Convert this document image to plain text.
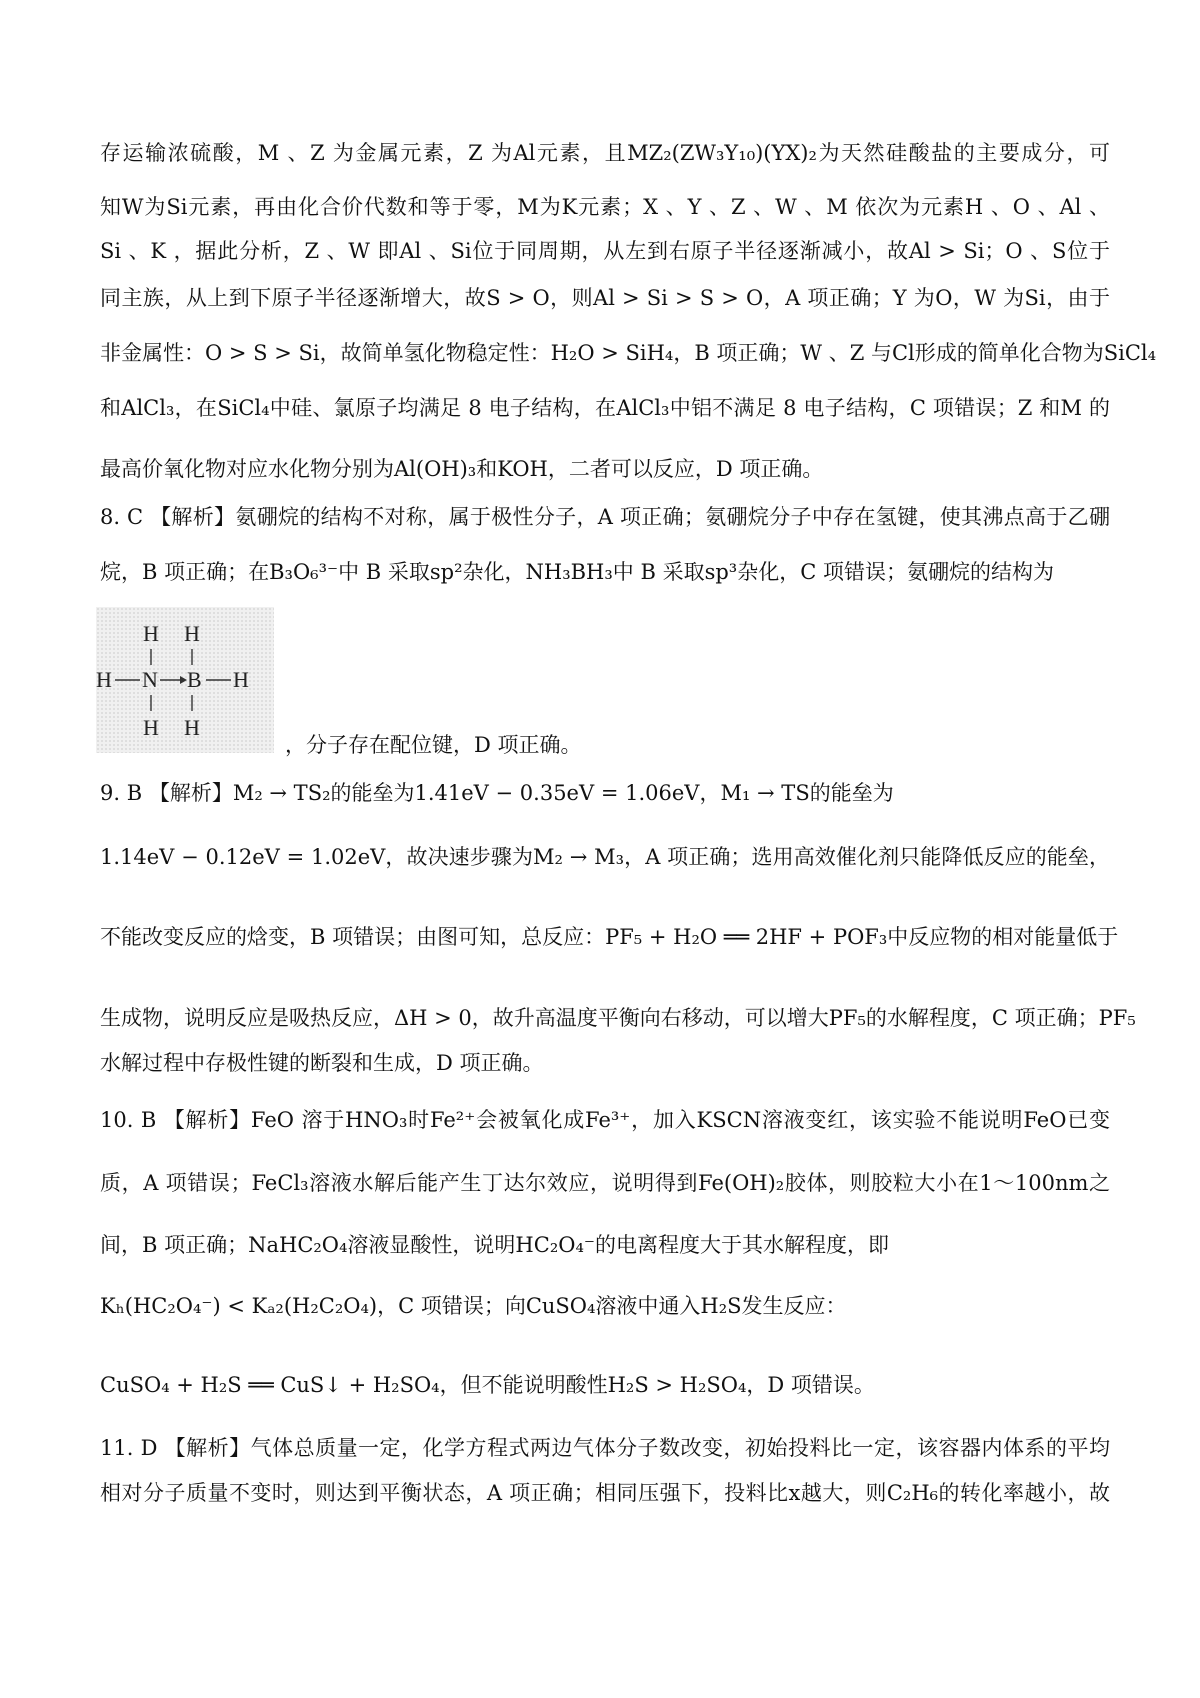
存运输浓硫酸，M 、Z 为金属元素，Z 为Al元素，且MZ₂(ZW₃Y₁₀)(YX)₂为天然硅酸盐的主要成分，可
知W为Si元素，再由化合价代数和等于零，M为K元素；X 、Y 、Z 、W 、M 依次为元素H 、O 、Al 、
Si 、K ，据此分析，Z 、W 即Al 、Si位于同周期，从左到右原子半径逐渐减小，故Al > Si；O 、S位于
同主族，从上到下原子半径逐渐增大，故S > O，则Al > Si > S > O，A 项正确；Y 为O，W 为Si，由于
非金属性：O > S > Si，故简单氢化物稳定性：H₂O > SiH₄，B 项正确；W 、Z 与Cl形成的简单化合物为SiCl₄
和AlCl₃，在SiCl₄中硅、氯原子均满足 8 电子结构，在AlCl₃中铝不满足 8 电子结构，C 项错误；Z 和M 的
最高价氧化物对应水化物分别为Al(OH)₃和KOH，二者可以反应，D 项正确。
8. C 【解析】氨硼烷的结构不对称，属于极性分子，A 项正确；氨硼烷分子中存在氢键，使其沸点高于乙硼
烷，B 项正确；在B₃O₆³⁻中 B 采取sp²杂化，NH₃BH₃中 B 采取sp³杂化，C 项错误；氨硼烷的结构为
H H
H N B H
H H
，分子存在配位键，D 项正确。
9. B 【解析】M₂ → TS₂的能垒为1.41eV − 0.35eV = 1.06eV，M₁ → TS的能垒为
1.14eV − 0.12eV = 1.02eV，故决速步骤为M₂ → M₃，A 项正确；选用高效催化剂只能降低反应的能垒，
不能改变反应的焓变，B 项错误；由图可知，总反应：PF₅ + H₂O ══ 2HF + POF₃中反应物的相对能量低于
生成物，说明反应是吸热反应，ΔH > 0，故升高温度平衡向右移动，可以增大PF₅的水解程度，C 项正确；PF₅
水解过程中存极性键的断裂和生成，D 项正确。
10. B 【解析】FeO 溶于HNO₃时Fe²⁺会被氧化成Fe³⁺，加入KSCN溶液变红，该实验不能说明FeO已变
质，A 项错误；FeCl₃溶液水解后能产生丁达尔效应，说明得到Fe(OH)₂胶体，则胶粒大小在1～100nm之
间，B 项正确；NaHC₂O₄溶液显酸性，说明HC₂O₄⁻的电离程度大于其水解程度，即
Kₕ(HC₂O₄⁻) < Kₐ₂(H₂C₂O₄)，C 项错误；向CuSO₄溶液中通入H₂S发生反应：
CuSO₄ + H₂S ══ CuS↓ + H₂SO₄，但不能说明酸性H₂S > H₂SO₄，D 项错误。
11. D 【解析】气体总质量一定，化学方程式两边气体分子数改变，初始投料比一定，该容器内体系的平均
相对分子质量不变时，则达到平衡状态，A 项正确；相同压强下，投料比x越大，则C₂H₆的转化率越小，故
